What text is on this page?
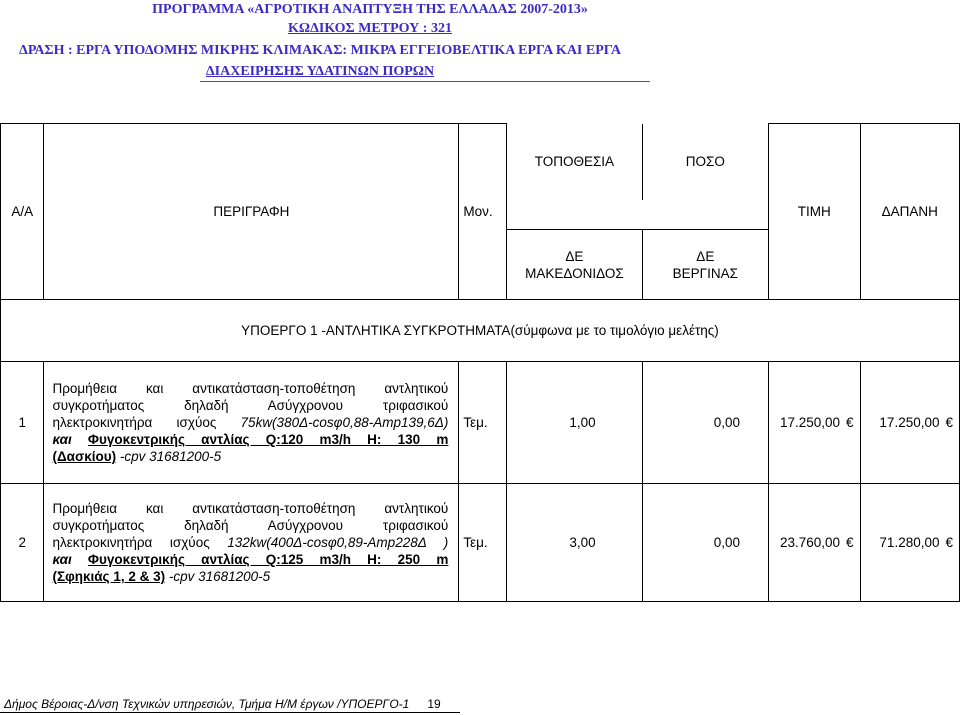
ΠΡΟΓΡΑΜΜΑ «ΑΓΡΟΤΙΚΗ ΑΝΑΠΤΥΞΗ ΤΗΣ ΕΛΛΑΔΑΣ 2007-2013»
ΚΩΔΙΚΟΣ ΜΕΤΡΟΥ : 321
ΔΡΑΣΗ : ΕΡΓΑ ΥΠΟΔΟΜΗΣ ΜΙΚΡΗΣ ΚΛΙΜΑΚΑΣ: ΜΙΚΡΑ ΕΓΓΕΙΟΒΕΛΤΙΚΑ ΕΡΓΑ ΚΑΙ ΕΡΓΑ
ΔΙΑΧΕΙΡΗΣΗΣ ΥΔΑΤΙΝΩΝ ΠΟΡΩΝ
Α/Α	ΠΕΡΙΓΡΑΦΗ	Μον.	ΤΟΠΟΘΕΣΙΑ	ΠΟΣΟ	ΤΙΜΗ	ΔΑΠΑΝΗ

			ΔΕ ΜΑΚΕΔΟΝΙΔΟΣ	ΔΕ ΒΕΡΓΙΝΑΣ		
ΥΠΟΕΡΓΟ 1 -ΑΝΤΛΗΤΙΚΑ ΣΥΓΚΡΟΤΗΜΑΤΑ(σύμφωνα με το τιμολόγιο μελέτης)						
1	Προμήθεια και αντικατάσταση-τοποθέτηση αντλητικού
συγκροτήματος δηλαδή Ασύγχρονου τριφασικού
ηλεκτροκινητήρα ισχύος 75kw(380Δ-cosφ0,88-Amp139,6Δ)
και Φυγοκεντρικής αντλίας Q:120 m3/h H: 130 m
(Δασκίου) -cpv 31681200-5	Τεμ.	1,00	0,00	17.250,00 €	17.250,00 €
2	Προμήθεια και αντικατάσταση-τοποθέτηση αντλητικού
συγκροτήματος δηλαδή Ασύγχρονου τριφασικού
ηλεκτροκινητήρα ισχύος 132kw(400Δ-cosφ0,89-Amp228Δ )
και Φυγοκεντρικής αντλίας Q:125 m3/h H: 250 m
(Σφηκιάς 1, 2 & 3) -cpv 31681200-5	Τεμ.	3,00	0,00	23.760,00 €	71.280,00 €
Δήμος Βέροιας-Δ/νση Τεχνικών υπηρεσιών, Τμήμα Η/Μ έργων /ΥΠΟΕΡΓΟ-1 19
